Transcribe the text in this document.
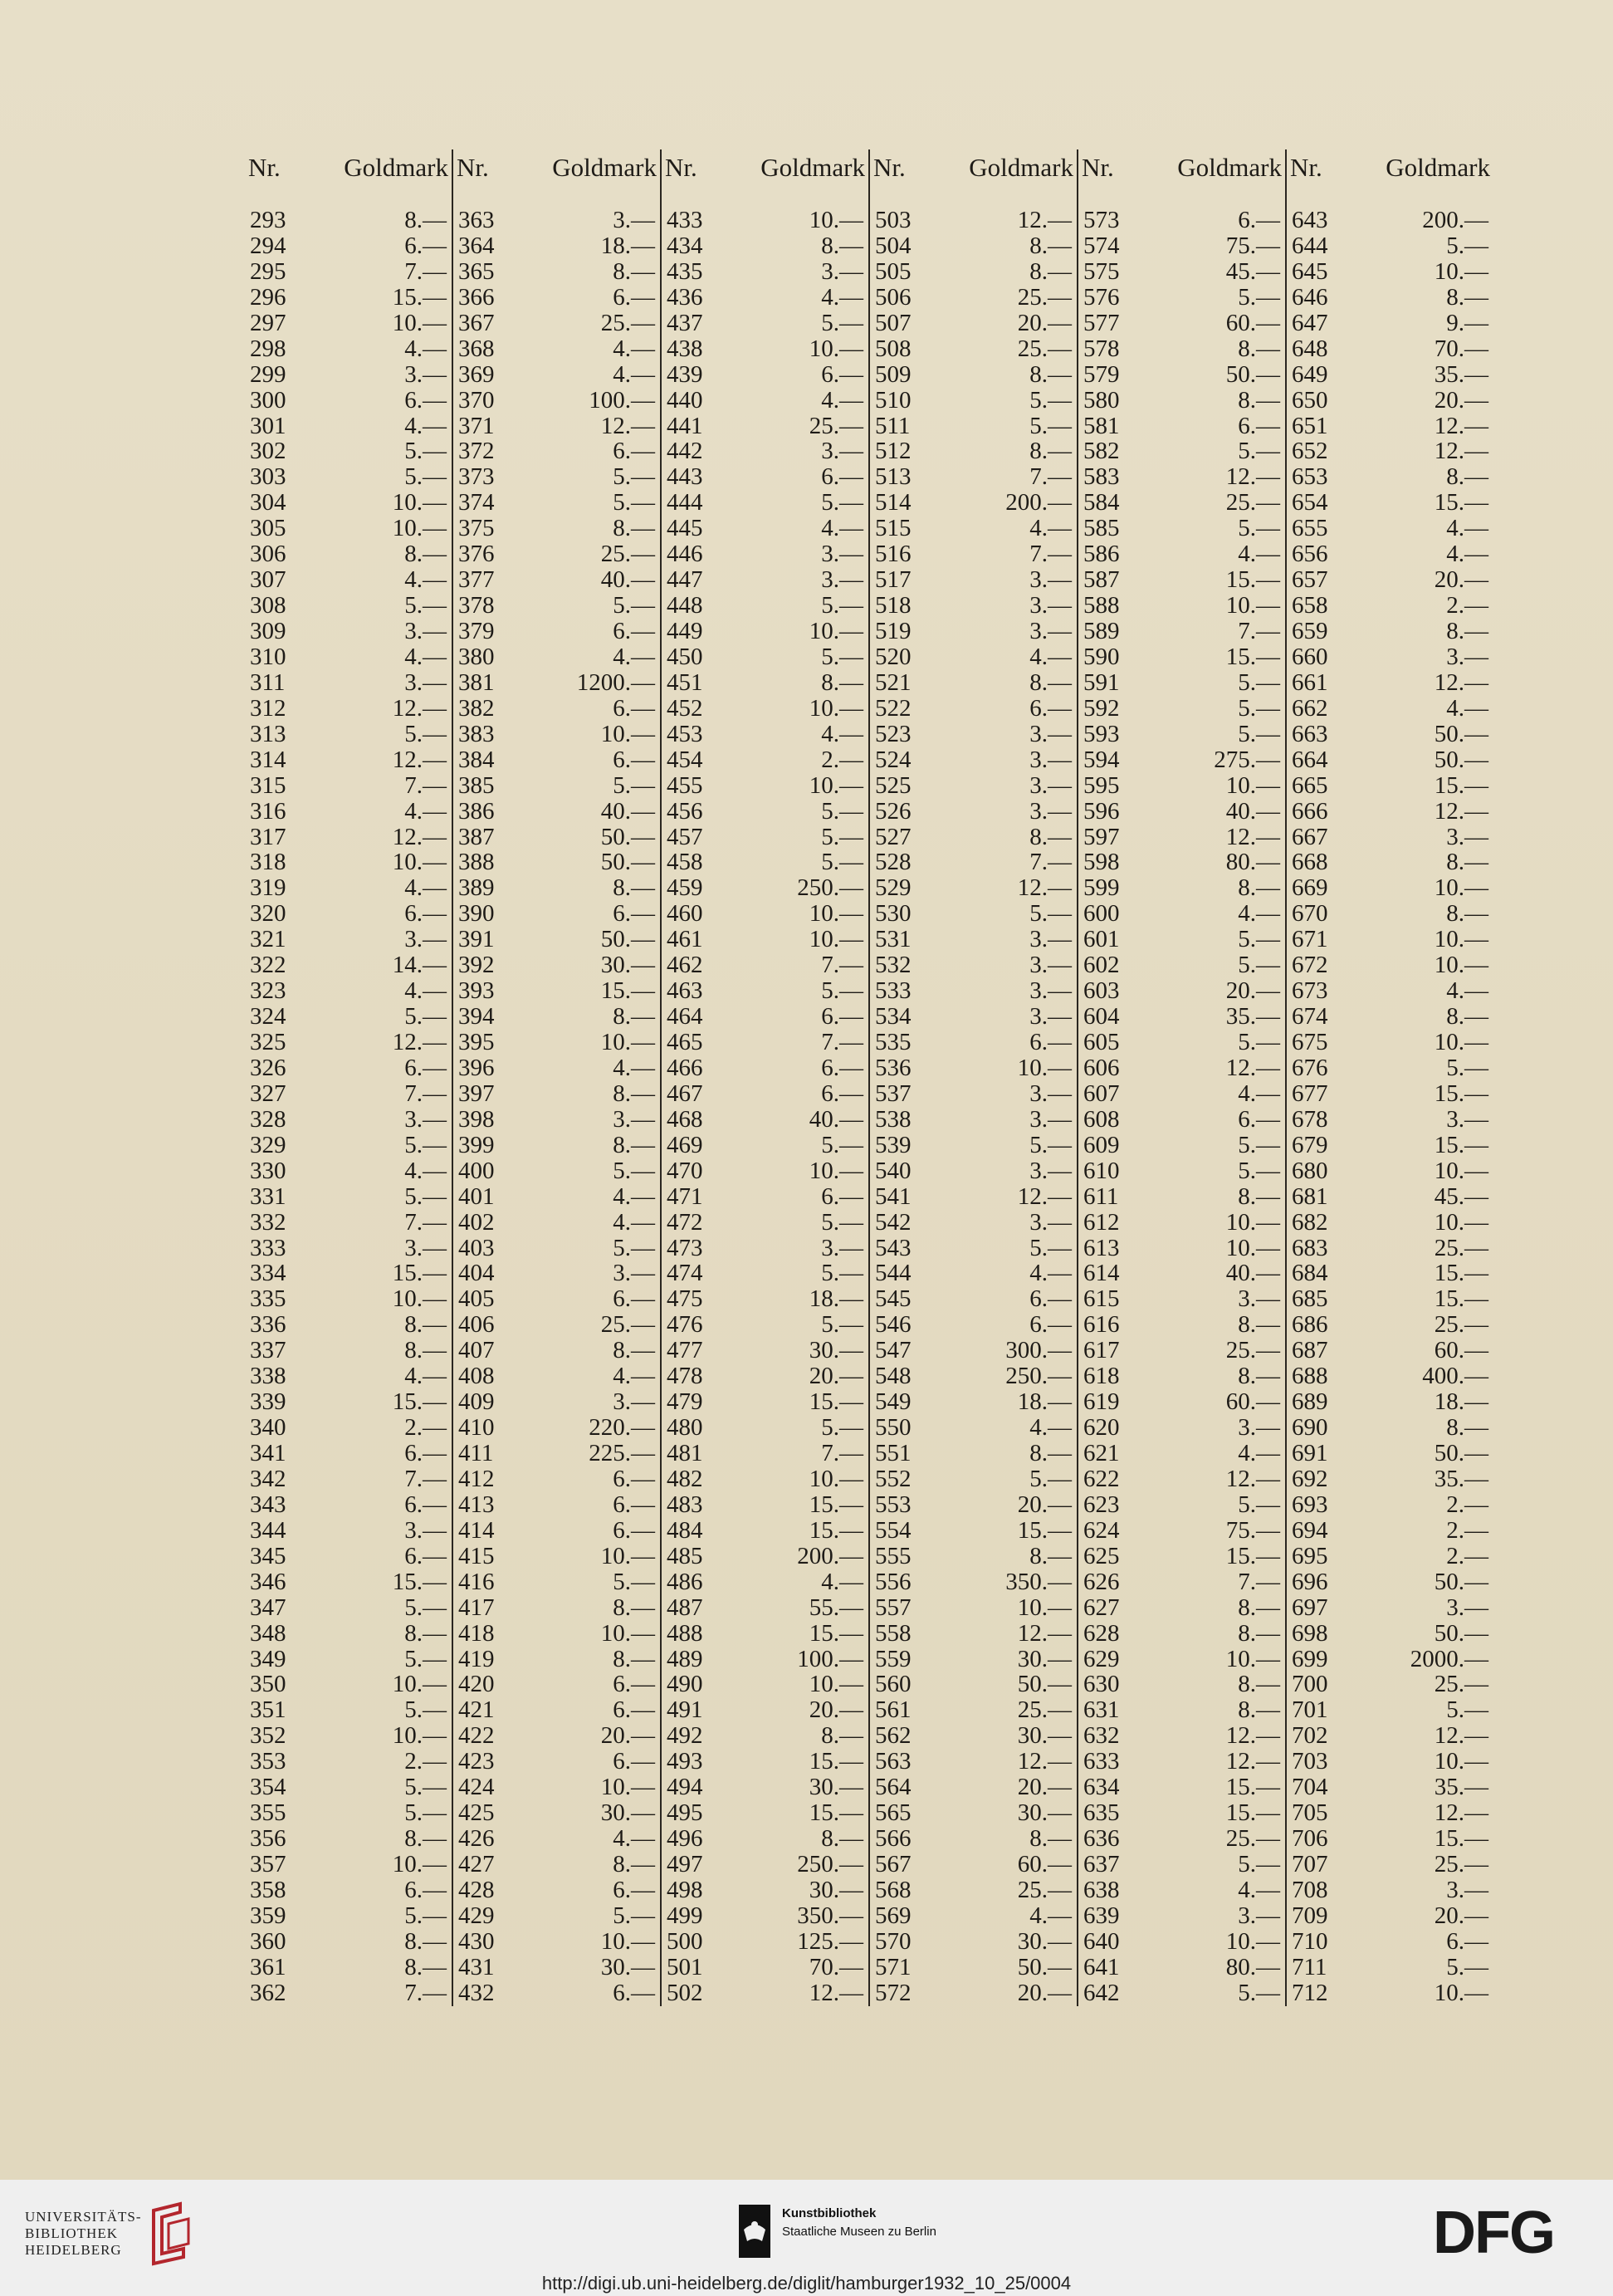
Nr.	Goldmark
293	8.—
294	6.—
295	7.—
296	15.—
297	10.—
298	4.—
299	3.—
300	6.—
301	4.—
302	5.—
303	5.—
304	10.—
305	10.—
306	8.—
307	4.—
308	5.—
309	3.—
310	4.—
311	3.—
312	12.—
313	5.—
314	12.—
315	7.—
316	4.—
317	12.—
318	10.—
319	4.—
320	6.—
321	3.—
322	14.—
323	4.—
324	5.—
325	12.—
326	6.—
327	7.—
328	3.—
329	5.—
330	4.—
331	5.—
332	7.—
333	3.—
334	15.—
335	10.—
336	8.—
337	8.—
338	4.—
339	15.—
340	2.—
341	6.—
342	7.—
343	6.—
344	3.—
345	6.—
346	15.—
347	5.—
348	8.—
349	5.—
350	10.—
351	5.—
352	10.—
353	2.—
354	5.—
355	5.—
356	8.—
357	10.—
358	6.—
359	5.—
360	8.—
361	8.—
362	7.—
Nr.	Goldmark
363	3.—
364	18.—
365	8.—
366	6.—
367	25.—
368	4.—
369	4.—
370	100.—
371	12.—
372	6.—
373	5.—
374	5.—
375	8.—
376	25.—
377	40.—
378	5.—
379	6.—
380	4.—
381	1200.—
382	6.—
383	10.—
384	6.—
385	5.—
386	40.—
387	50.—
388	50.—
389	8.—
390	6.—
391	50.—
392	30.—
393	15.—
394	8.—
395	10.—
396	4.—
397	8.—
398	3.—
399	8.—
400	5.—
401	4.—
402	4.—
403	5.—
404	3.—
405	6.—
406	25.—
407	8.—
408	4.—
409	3.—
410	220.—
411	225.—
412	6.—
413	6.—
414	6.—
415	10.—
416	5.—
417	8.—
418	10.—
419	8.—
420	6.—
421	6.—
422	20.—
423	6.—
424	10.—
425	30.—
426	4.—
427	8.—
428	6.—
429	5.—
430	10.—
431	30.—
432	6.—
Nr.	Goldmark
433	10.—
434	8.—
435	3.—
436	4.—
437	5.—
438	10.—
439	6.—
440	4.—
441	25.—
442	3.—
443	6.—
444	5.—
445	4.—
446	3.—
447	3.—
448	5.—
449	10.—
450	5.—
451	8.—
452	10.—
453	4.—
454	2.—
455	10.—
456	5.—
457	5.—
458	5.—
459	250.—
460	10.—
461	10.—
462	7.—
463	5.—
464	6.—
465	7.—
466	6.—
467	6.—
468	40.—
469	5.—
470	10.—
471	6.—
472	5.—
473	3.—
474	5.—
475	18.—
476	5.—
477	30.—
478	20.—
479	15.—
480	5.—
481	7.—
482	10.—
483	15.—
484	15.—
485	200.—
486	4.—
487	55.—
488	15.—
489	100.—
490	10.—
491	20.—
492	8.—
493	15.—
494	30.—
495	15.—
496	8.—
497	250.—
498	30.—
499	350.—
500	125.—
501	70.—
502	12.—
Nr.	Goldmark
503	12.—
504	8.—
505	8.—
506	25.—
507	20.—
508	25.—
509	8.—
510	5.—
511	5.—
512	8.—
513	7.—
514	200.—
515	4.—
516	7.—
517	3.—
518	3.—
519	3.—
520	4.—
521	8.—
522	6.—
523	3.—
524	3.—
525	3.—
526	3.—
527	8.—
528	7.—
529	12.—
530	5.—
531	3.—
532	3.—
533	3.—
534	3.—
535	6.—
536	10.—
537	3.—
538	3.—
539	5.—
540	3.—
541	12.—
542	3.—
543	5.—
544	4.—
545	6.—
546	6.—
547	300.—
548	250.—
549	18.—
550	4.—
551	8.—
552	5.—
553	20.—
554	15.—
555	8.—
556	350.—
557	10.—
558	12.—
559	30.—
560	50.—
561	25.—
562	30.—
563	12.—
564	20.—
565	30.—
566	8.—
567	60.—
568	25.—
569	4.—
570	30.—
571	50.—
572	20.—
Nr.	Goldmark
573	6.—
574	75.—
575	45.—
576	5.—
577	60.—
578	8.—
579	50.—
580	8.—
581	6.—
582	5.—
583	12.—
584	25.—
585	5.—
586	4.—
587	15.—
588	10.—
589	7.—
590	15.—
591	5.—
592	5.—
593	5.—
594	275.—
595	10.—
596	40.—
597	12.—
598	80.—
599	8.—
600	4.—
601	5.—
602	5.—
603	20.—
604	35.—
605	5.—
606	12.—
607	4.—
608	6.—
609	5.—
610	5.—
611	8.—
612	10.—
613	10.—
614	40.—
615	3.—
616	8.—
617	25.—
618	8.—
619	60.—
620	3.—
621	4.—
622	12.—
623	5.—
624	75.—
625	15.—
626	7.—
627	8.—
628	8.—
629	10.—
630	8.—
631	8.—
632	12.—
633	12.—
634	15.—
635	15.—
636	25.—
637	5.—
638	4.—
639	3.—
640	10.—
641	80.—
642	5.—
Nr.	Goldmark
643	200.—
644	5.—
645	10.—
646	8.—
647	9.—
648	70.—
649	35.—
650	20.—
651	12.—
652	12.—
653	8.—
654	15.—
655	4.—
656	4.—
657	20.—
658	2.—
659	8.—
660	3.—
661	12.—
662	4.—
663	50.—
664	50.—
665	15.—
666	12.—
667	3.—
668	8.—
669	10.—
670	8.—
671	10.—
672	10.—
673	4.—
674	8.—
675	10.—
676	5.—
677	15.—
678	3.—
679	15.—
680	10.—
681	45.—
682	10.—
683	25.—
684	15.—
685	15.—
686	25.—
687	60.—
688	400.—
689	18.—
690	8.—
691	50.—
692	35.—
693	2.—
694	2.—
695	2.—
696	50.—
697	3.—
698	50.—
699	2000.—
700	25.—
701	5.—
702	12.—
703	10.—
704	35.—
705	12.—
706	15.—
707	25.—
708	3.—
709	20.—
710	6.—
711	5.—
712	10.—
UNIVERSITÄTS-
BIBLIOTHEK
HEIDELBERG
Kunstbibliothek
Staatliche Museen zu Berlin	DFG
http://digi.ub.uni-heidelberg.de/diglit/hamburger1932_10_25/0004
